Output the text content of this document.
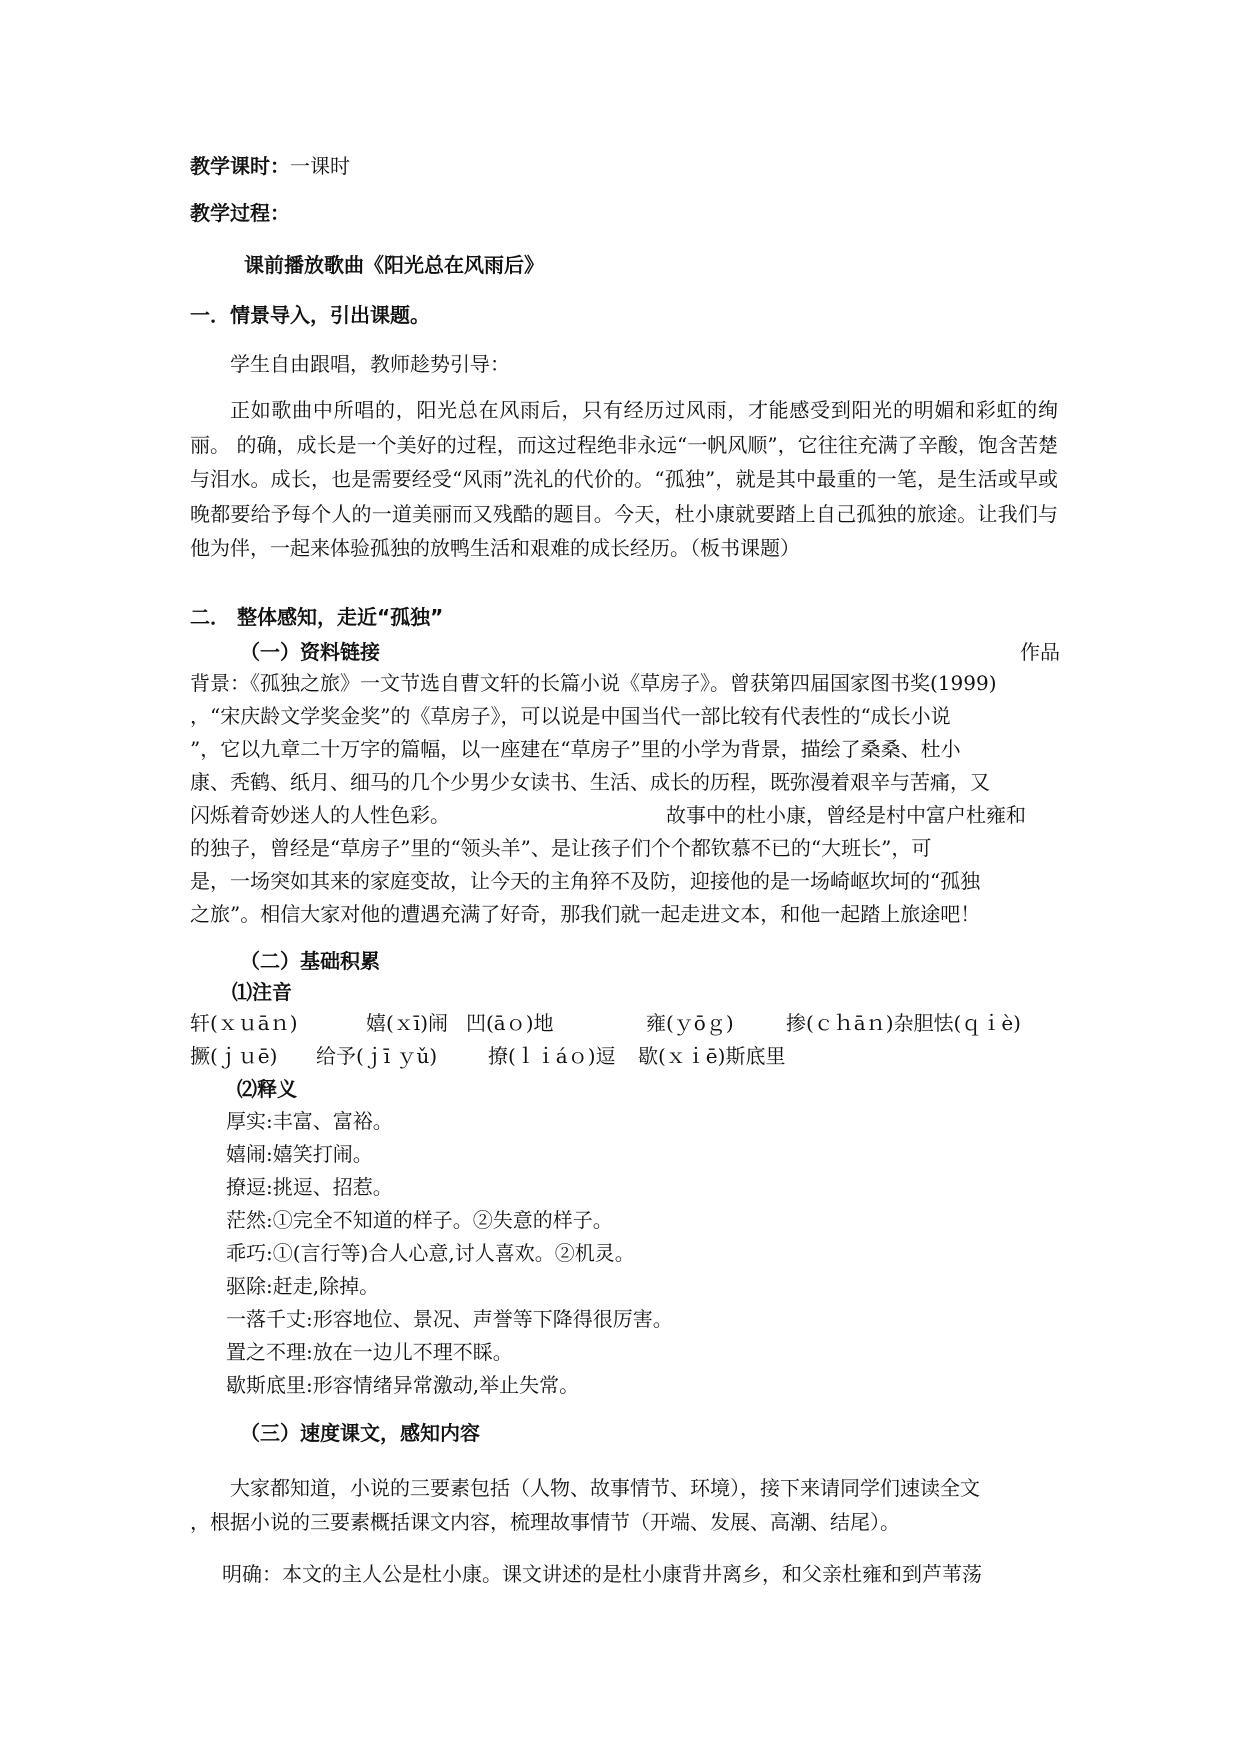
教学课时：一课时
教学过程：
课前播放歌曲《阳光总在风雨后》
一．情景导入，引出课题。
学生自由跟唱，教师趁势引导：
正如歌曲中所唱的，阳光总在风雨后，只有经历过风雨，才能感受到阳光的明媚和彩虹的绚丽。 的确，成长是一个美好的过程，而这过程绝非永远“一帆风顺”，它往往充满了辛酸，饱含苦楚与泪水。成长，也是需要经受“风雨”洗礼的代价的。“孤独”，就是其中最重的一笔，是生活或早或晚都要给予每个人的一道美丽而又残酷的题目。今天，杜小康就要踏上自己孤独的旅途。让我们与他为伴，一起来体验孤独的放鸭生活和艰难的成长经历。（板书课题）
二． 整体感知，走近“孤独”
（一）资料链接	作品
背景：《孤独之旅》一文节选自曹文轩的长篇小说《草房子》。曾获第四届国家图书奖(1999)
，“宋庆龄文学奖金奖”的《草房子》，可以说是中国当代一部比较有代表性的“成长小说
”，它以九章二十万字的篇幅，以一座建在“草房子”里的小学为背景，描绘了桑桑、杜小
康、秃鹤、纸月、细马的几个少男少女读书、生活、成长的历程，既弥漫着艰辛与苦痛，又
闪烁着奇妙迷人的人性色彩。	故事中的杜小康，曾经是村中富户杜雍和
的独子，曾经是“草房子”里的“领头羊”、是让孩子们个个都钦慕不已的“大班长”，可
是，一场突如其来的家庭变故，让今天的主角猝不及防，迎接他的是一场崎岖坎坷的“孤独
之旅”。相信大家对他的遭遇充满了好奇，那我们就一起走进文本，和他一起踏上旅途吧！
（二）基础积累
⑴注音
轩(ｘｕāｎ)	嬉(ｘī)闹 凹(āｏ)地	雍(ｙōｇ)	掺(ｃｈāｎ)杂胆怯(ｑｉè)
撅(ｊｕē) 给予(ｊī ｙǔ)	撩(ｌｉáｏ)逗 歇(ｘｉē)斯底里
⑵释义
厚实:丰富、富裕。
嬉闹:嬉笑打闹。
撩逗:挑逗、招惹。
茫然:①完全不知道的样子。②失意的样子。
乖巧:①(言行等)合人心意,讨人喜欢。②机灵。
驱除:赶走,除掉。
一落千丈:形容地位、景况、声誉等下降得很厉害。
置之不理:放在一边儿不理不睬。
歇斯底里:形容情绪异常激动,举止失常。
（三）速度课文，感知内容
大家都知道，小说的三要素包括（人物、故事情节、环境），接下来请同学们速读全文
，根据小说的三要素概括课文内容，梳理故事情节（开端、发展、高潮、结尾）。
明确：本文的主人公是杜小康。课文讲述的是杜小康背井离乡，和父亲杜雍和到芦苇荡
